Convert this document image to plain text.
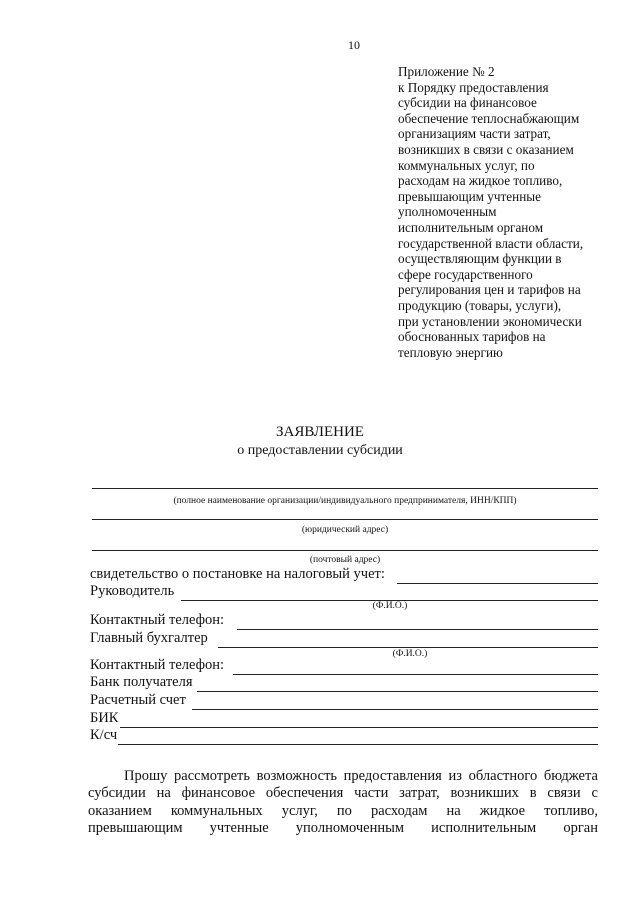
10
Приложение № 2
к Порядку предоставления
субсидии на финансовое
обеспечение теплоснабжающим
организациям части затрат,
возникших в связи с оказанием
коммунальных услуг, по
расходам на жидкое топливо,
превышающим учтенные
уполномоченным
исполнительным органом
государственной власти области,
осуществляющим функции в
сфере государственного
регулирования цен и тарифов на
продукцию (товары, услуги),
при установлении экономически
обоснованных тарифов на
тепловую энергию
ЗАЯВЛЕНИЕ
о предоставлении субсидии
(полное наименование организации/индивидуального предпринимателя, ИНН/КПП)
(юридический адрес)
(почтовый адрес)
свидетельство о постановке на налоговый учет:
Руководитель
(Ф.И.О.)
Контактный телефон:
Главный бухгалтер
(Ф.И.О.)
Контактный телефон:
Банк получателя
Расчетный счет
БИК
К/сч
Прошу рассмотреть возможность предоставления из областного бюджета
субсидии на финансовое обеспечения части затрат, возникших в связи с
оказанием коммунальных услуг, по расходам на жидкое топливо,
превышающим учтенные уполномоченным исполнительным орган
